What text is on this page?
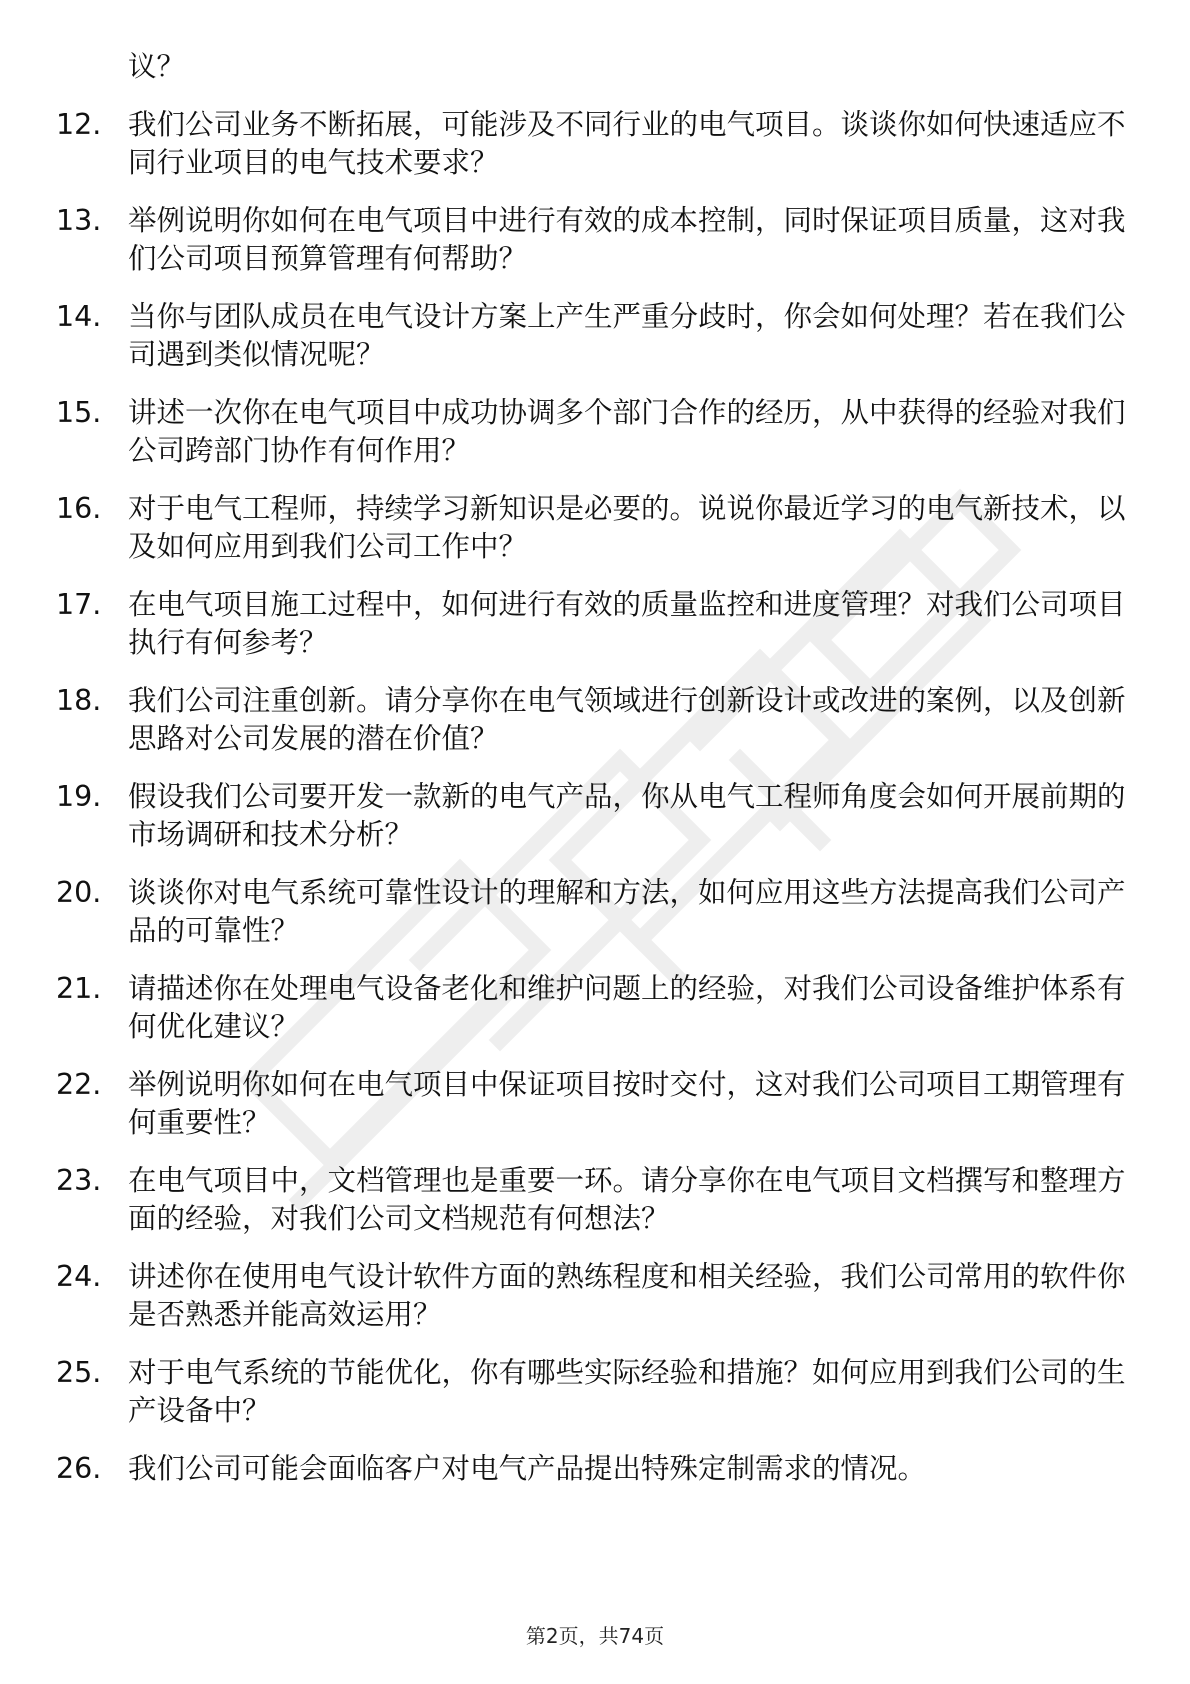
议？
12. 我们公司业务不断拓展，可能涉及不同行业的电气项目。谈谈你如何快速适应不同行业项目的电气技术要求？
13. 举例说明你如何在电气项目中进行有效的成本控制，同时保证项目质量，这对我们公司项目预算管理有何帮助？
14. 当你与团队成员在电气设计方案上产生严重分歧时，你会如何处理？若在我们公司遇到类似情况呢？
15. 讲述一次你在电气项目中成功协调多个部门合作的经历，从中获得的经验对我们公司跨部门协作有何作用？
16. 对于电气工程师，持续学习新知识是必要的。说说你最近学习的电气新技术，以及如何应用到我们公司工作中？
17. 在电气项目施工过程中，如何进行有效的质量监控和进度管理？对我们公司项目执行有何参考？
18. 我们公司注重创新。请分享你在电气领域进行创新设计或改进的案例，以及创新思路对公司发展的潜在价值？
19. 假设我们公司要开发一款新的电气产品，你从电气工程师角度会如何开展前期的市场调研和技术分析？
20. 谈谈你对电气系统可靠性设计的理解和方法，如何应用这些方法提高我们公司产品的可靠性？
21. 请描述你在处理电气设备老化和维护问题上的经验，对我们公司设备维护体系有何优化建议？
22. 举例说明你如何在电气项目中保证项目按时交付，这对我们公司项目工期管理有何重要性？
23. 在电气项目中，文档管理也是重要一环。请分享你在电气项目文档撰写和整理方面的经验，对我们公司文档规范有何想法？
24. 讲述你在使用电气设计软件方面的熟练程度和相关经验，我们公司常用的软件你是否熟悉并能高效运用？
25. 对于电气系统的节能优化，你有哪些实际经验和措施？如何应用到我们公司的生产设备中？
26. 我们公司可能会面临客户对电气产品提出特殊定制需求的情况。
第2页，共74页
